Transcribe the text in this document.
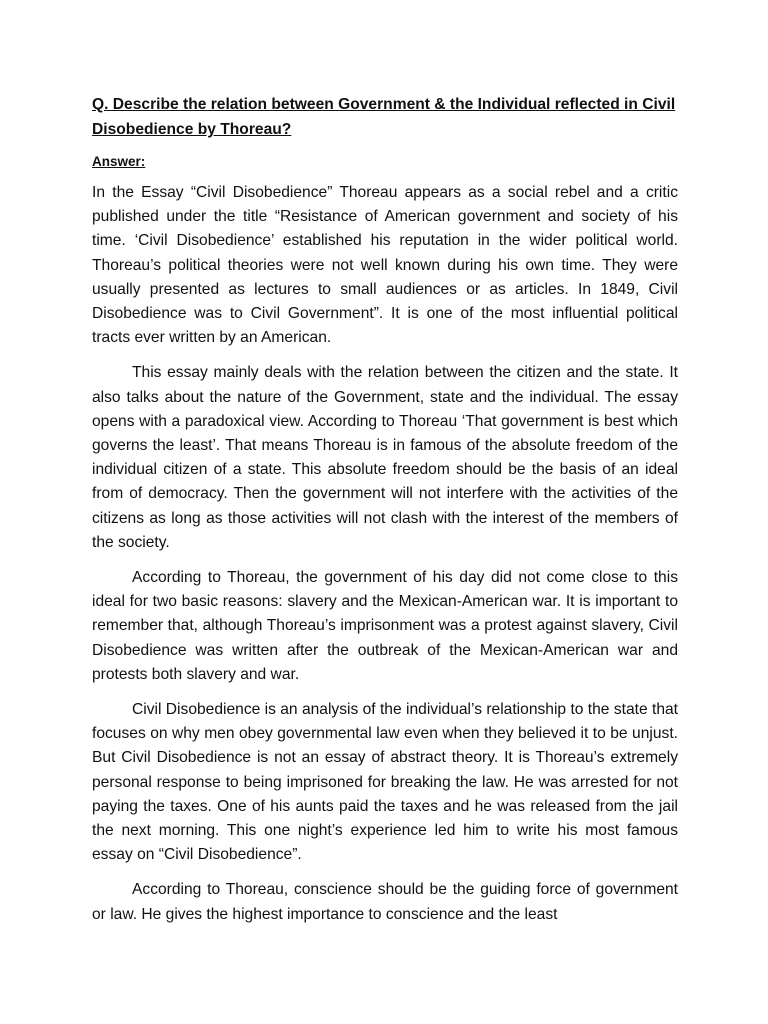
Q. Describe the relation between Government & the Individual reflected in Civil Disobedience by Thoreau?

Answer:

In the Essay “Civil Disobedience” Thoreau appears as a social rebel and a critic published under the title “Resistance of American government and society of his time. ‘Civil Disobedience’ established his reputation in the wider political world. Thoreau’s political theories were not well known during his own time. They were usually presented as lectures to small audiences or as articles. In 1849, Civil Disobedience was to Civil Government”. It is one of the most influential political tracts ever written by an American.

This essay mainly deals with the relation between the citizen and the state. It also talks about the nature of the Government, state and the individual. The essay opens with a paradoxical view. According to Thoreau ‘That government is best which governs the least’. That means Thoreau is in famous of the absolute freedom of the individual citizen of a state. This absolute freedom should be the basis of an ideal from of democracy. Then the government will not interfere with the activities of the citizens as long as those activities will not clash with the interest of the members of the society.

According to Thoreau, the government of his day did not come close to this ideal for two basic reasons: slavery and the Mexican-American war. It is important to remember that, although Thoreau’s imprisonment was a protest against slavery, Civil Disobedience was written after the outbreak of the Mexican-American war and protests both slavery and war.

Civil Disobedience is an analysis of the individual’s relationship to the state that focuses on why men obey governmental law even when they believed it to be unjust. But Civil Disobedience is not an essay of abstract theory. It is Thoreau’s extremely personal response to being imprisoned for breaking the law. He was arrested for not paying the taxes. One of his aunts paid the taxes and he was released from the jail the next morning. This one night’s experience led him to write his most famous essay on “Civil Disobedience”.

According to Thoreau, conscience should be the guiding force of government or law. He gives the highest importance to conscience and the least
